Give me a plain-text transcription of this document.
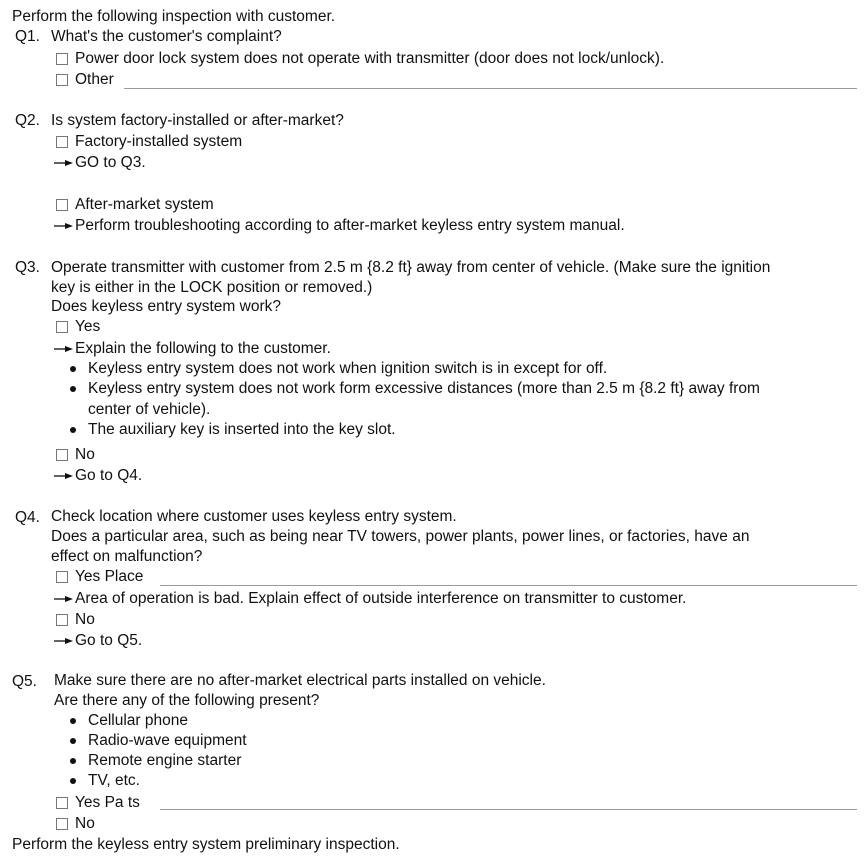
Perform the following inspection with customer.
Q1. What's the customer's complaint?
Power door lock system does not operate with transmitter (door does not lock/unlock).
Other
Q2. Is system factory-installed or after-market?
Factory-installed system
GO to Q3.
After-market system
Perform troubleshooting according to after-market keyless entry system manual.
Q3. Operate transmitter with customer from 2.5 m {8.2 ft} away from center of vehicle. (Make sure the ignition
key is either in the LOCK position or removed.)
Does keyless entry system work?
Yes
Explain the following to the customer.
Keyless entry system does not work when ignition switch is in except for off.
Keyless entry system does not work form excessive distances (more than 2.5 m {8.2 ft} away from
center of vehicle).
The auxiliary key is inserted into the key slot.
No
Go to Q4.
Q4. Check location where customer uses keyless entry system.
Does a particular area, such as being near TV towers, power plants, power lines, or factories, have an
effect on malfunction?
Yes Place
Area of operation is bad. Explain effect of outside interference on transmitter to customer.
No
Go to Q5.
Q5. Make sure there are no after-market electrical parts installed on vehicle.
Are there any of the following present?
Cellular phone
Radio-wave equipment
Remote engine starter
TV, etc.
Yes Pa ts
No
Perform the keyless entry system preliminary inspection.
